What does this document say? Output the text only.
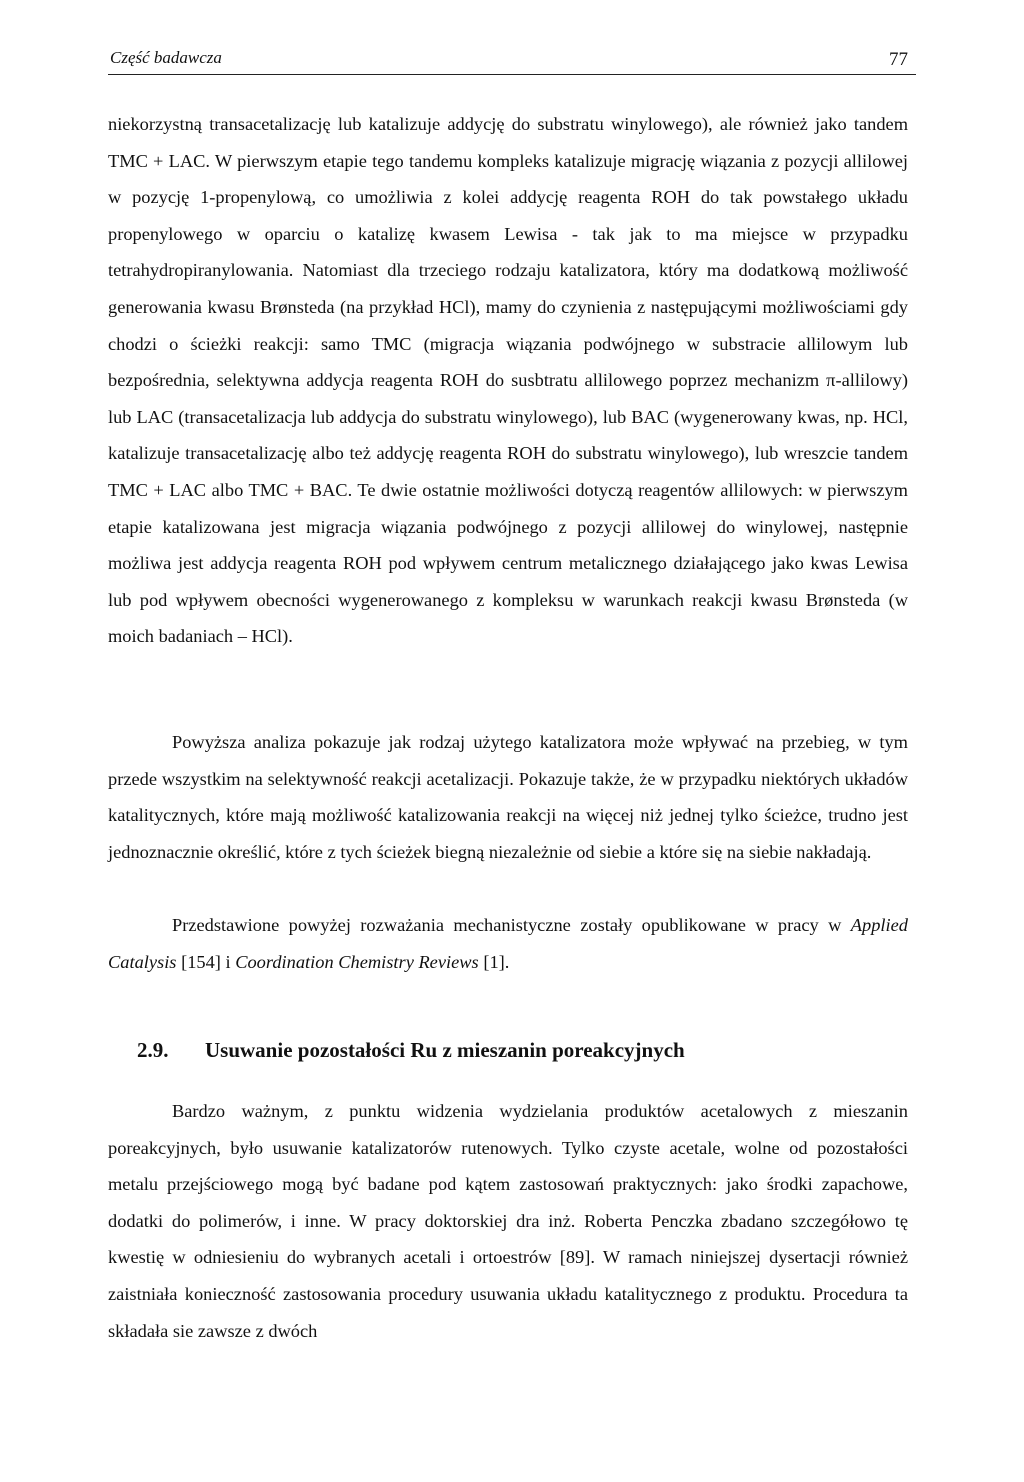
Część badawcza	77
niekorzystną transacetalizację lub katalizuje addycję do substratu winylowego), ale również jako tandem TMC + LAC. W pierwszym etapie tego tandemu kompleks katalizuje migrację wiązania z pozycji allilowej w pozycję 1-propenylową, co umożliwia z kolei addycję reagenta ROH do tak powstałego układu propenylowego w oparciu o katalizę kwasem Lewisa - tak jak to ma miejsce w przypadku tetrahydropiranylowania. Natomiast dla trzeciego rodzaju katalizatora, który ma dodatkową możliwość generowania kwasu Brønsteda (na przykład HCl), mamy do czynienia z następującymi możliwościami gdy chodzi o ścieżki reakcji: samo TMC (migracja wiązania podwójnego w substracie allilowym lub bezpośrednia, selektywna addycja reagenta ROH do susbtratu allilowego poprzez mechanizm π-allilowy) lub LAC (transacetalizacja lub addycja do substratu winylowego), lub BAC (wygenerowany kwas, np. HCl, katalizuje transacetalizację albo też addycję reagenta ROH do substratu winylowego), lub wreszcie tandem TMC + LAC albo TMC + BAC. Te dwie ostatnie możliwości dotyczą reagentów allilowych: w pierwszym etapie katalizowana jest migracja wiązania podwójnego z pozycji allilowej do winylowej, następnie możliwa jest addycja reagenta ROH pod wpływem centrum metalicznego działającego jako kwas Lewisa lub pod wpływem obecności wygenerowanego z kompleksu w warunkach reakcji kwasu Brønsteda (w moich badaniach – HCl).
Powyższa analiza pokazuje jak rodzaj użytego katalizatora może wpływać na przebieg, w tym przede wszystkim na selektywność reakcji acetalizacji. Pokazuje także, że w przypadku niektórych układów katalitycznych, które mają możliwość katalizowania reakcji na więcej niż jednej tylko ścieżce, trudno jest jednoznacznie określić, które z tych ścieżek biegną niezależnie od siebie a które się na siebie nakładają.
Przedstawione powyżej rozważania mechanistyczne zostały opublikowane w pracy w Applied Catalysis [154] i Coordination Chemistry Reviews [1].
2.9. Usuwanie pozostałości Ru z mieszanin poreakcyjnych
Bardzo ważnym, z punktu widzenia wydzielania produktów acetalowych z mieszanin poreakcyjnych, było usuwanie katalizatorów rutenowych. Tylko czyste acetale, wolne od pozostałości metalu przejściowego mogą być badane pod kątem zastosowań praktycznych: jako środki zapachowe, dodatki do polimerów, i inne. W pracy doktorskiej dra inż. Roberta Penczka zbadano szczegółowo tę kwestię w odniesieniu do wybranych acetali i ortoestrów [89]. W ramach niniejszej dysertacji również zaistniała konieczność zastosowania procedury usuwania układu katalitycznego z produktu. Procedura ta składała sie zawsze z dwóch
